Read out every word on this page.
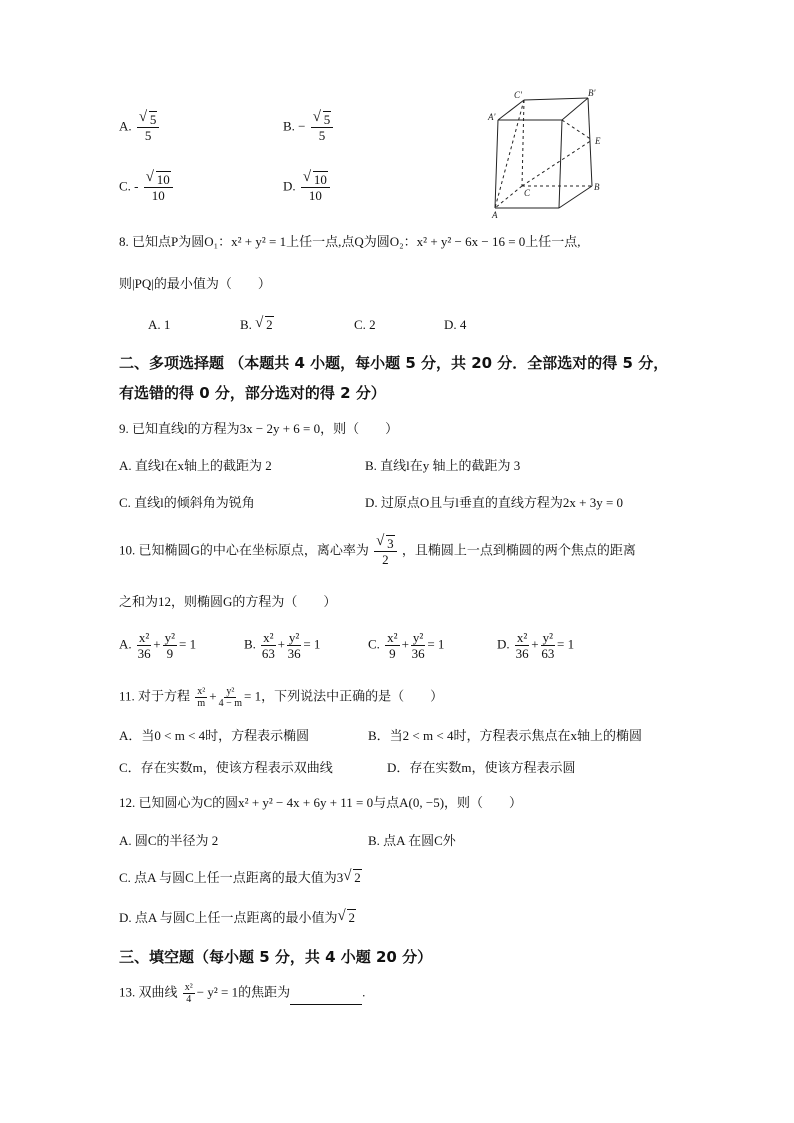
A. √ $\frac{5}{5}$	B. − √ $\frac{5}{5}$
C. - √ $\frac{10}{10}$	D. √ $\frac{10}{10}$
C'	B'
A'
E
C
B
A
8. 已知点P为圆O₁：x² + y² = 1上任一点,点Q为圆O₂：x² + y² − 6x − 16 = 0上任一点,
则|PQ|的最小值为（　　）
A. 1	B. √ 2	C. 2	D. 4
二、多项选择题 （本题共 4 小题，每小题 5 分，共 20 分．全部选对的得 5 分，
有选错的得 0 分，部分选对的得 2 分）
9. 已知直线l的方程为3x − 2y + 6 = 0，则（　　）
A. 直线l在x轴上的截距为 2	B. 直线l在y 轴上的截距为 3
C. 直线l的倾斜角为锐角	D. 过原点O且与l垂直的直线方程为2x + 3y = 0
10. 已知椭圆G的中心在坐标原点，离心率为 √ $\frac{3}{2}$ ，且椭圆上一点到椭圆的两个焦点的距离
之和为12，则椭圆G的方程为（　　）
A. $\frac{\text{x²}}{36} + \frac{\text{y²}}{9} = 1$	B. $\frac{\text{x²}}{63} + \frac{\text{y²}}{36} = 1$	C. $\frac{\text{x²}}{9} + \frac{\text{y²}}{36} = 1$	D. $\frac{\text{x²}}{36} + \frac{\text{y²}}{63} = 1$
11. 对于方程 $\frac{\text{x²}}{m} + \frac{\text{y²}}{4 - m} = 1$，下列说法中正确的是（　　）
A．当0 < m < 4时，方程表示椭圆	B．当2 < m < 4时，方程表示焦点在x轴上的椭圆
C．存在实数m，使该方程表示双曲线	D．存在实数m，使该方程表示圆
12. 已知圆心为C的圆x² + y² − 4x + 6y + 11 = 0与点A(0, −5)，则（　　）
A. 圆C的半径为 2	B. 点A 在圆C外
C. 点A 与圆C上任一点距离的最大值为3 √ 2
D. 点A 与圆C上任一点距离的最小值为 √ 2
三、填空题（每小题 5 分，共 4 小题 20 分）
13. 双曲线 $\frac{\text{x²}}{4} - y^2 = 1$的焦距为	.
